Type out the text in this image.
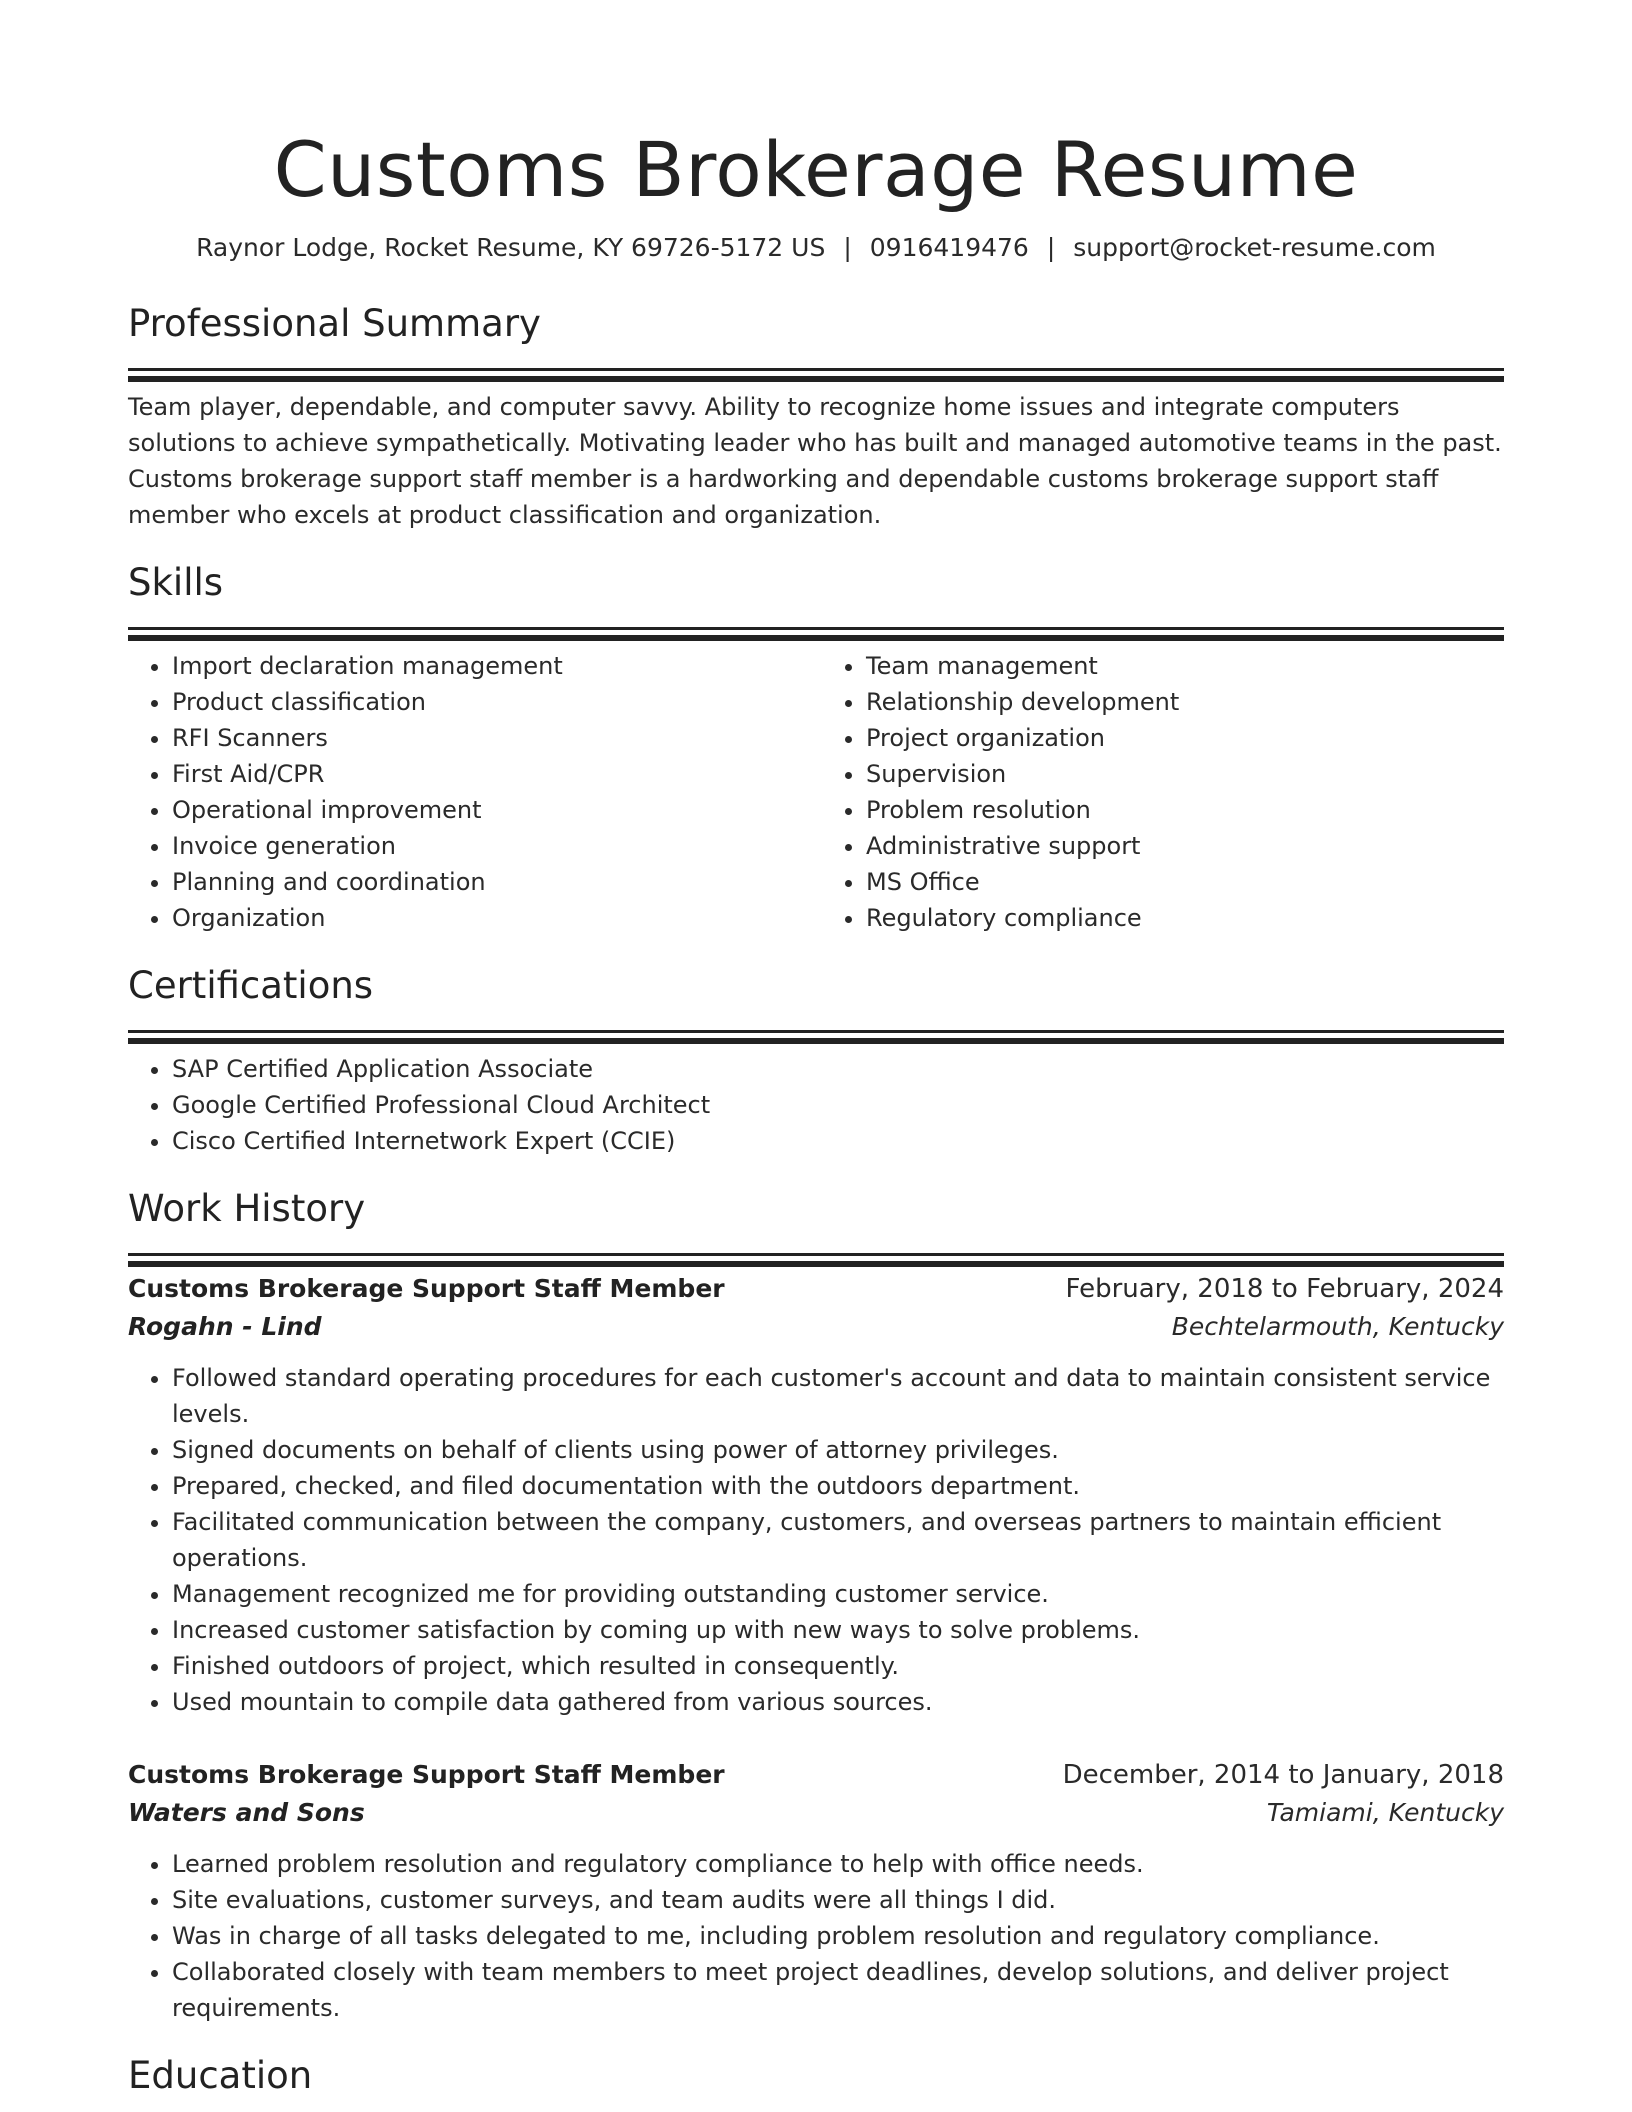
Customs Brokerage Resume
Raynor Lodge, Rocket Resume, KY 69726-5172 US | 0916419476 | support@rocket-resume.com
Professional Summary

Team player, dependable, and computer savvy. Ability to recognize home issues and integrate computers solutions to achieve sympathetically. Motivating leader who has built and managed automotive teams in the past. Customs brokerage support staff member is a hardworking and dependable customs brokerage support staff member who excels at product classification and organization.

Skills
• Import declaration management
• Product classification
• RFI Scanners
• First Aid/CPR
• Operational improvement
• Invoice generation
• Planning and coordination
• Organization
• Team management
• Relationship development
• Project organization
• Supervision
• Problem resolution
• Administrative support
• MS Office
• Regulatory compliance
Certifications
• SAP Certified Application Associate
• Google Certified Professional Cloud Architect
• Cisco Certified Internetwork Expert (CCIE)
Work History
Customs Brokerage Support Staff Member	February, 2018 to February, 2024
Rogahn - Lind	Bechtelarmouth, Kentucky
• Followed standard operating procedures for each customer's account and data to maintain consistent service levels.
• Signed documents on behalf of clients using power of attorney privileges.
• Prepared, checked, and filed documentation with the outdoors department.
• Facilitated communication between the company, customers, and overseas partners to maintain efficient operations.
• Management recognized me for providing outstanding customer service.
• Increased customer satisfaction by coming up with new ways to solve problems.
• Finished outdoors of project, which resulted in consequently.
• Used mountain to compile data gathered from various sources.
Customs Brokerage Support Staff Member	December, 2014 to January, 2018
Waters and Sons	Tamiami, Kentucky
• Learned problem resolution and regulatory compliance to help with office needs.
• Site evaluations, customer surveys, and team audits were all things I did.
• Was in charge of all tasks delegated to me, including problem resolution and regulatory compliance.
• Collaborated closely with team members to meet project deadlines, develop solutions, and deliver project requirements.
Education
